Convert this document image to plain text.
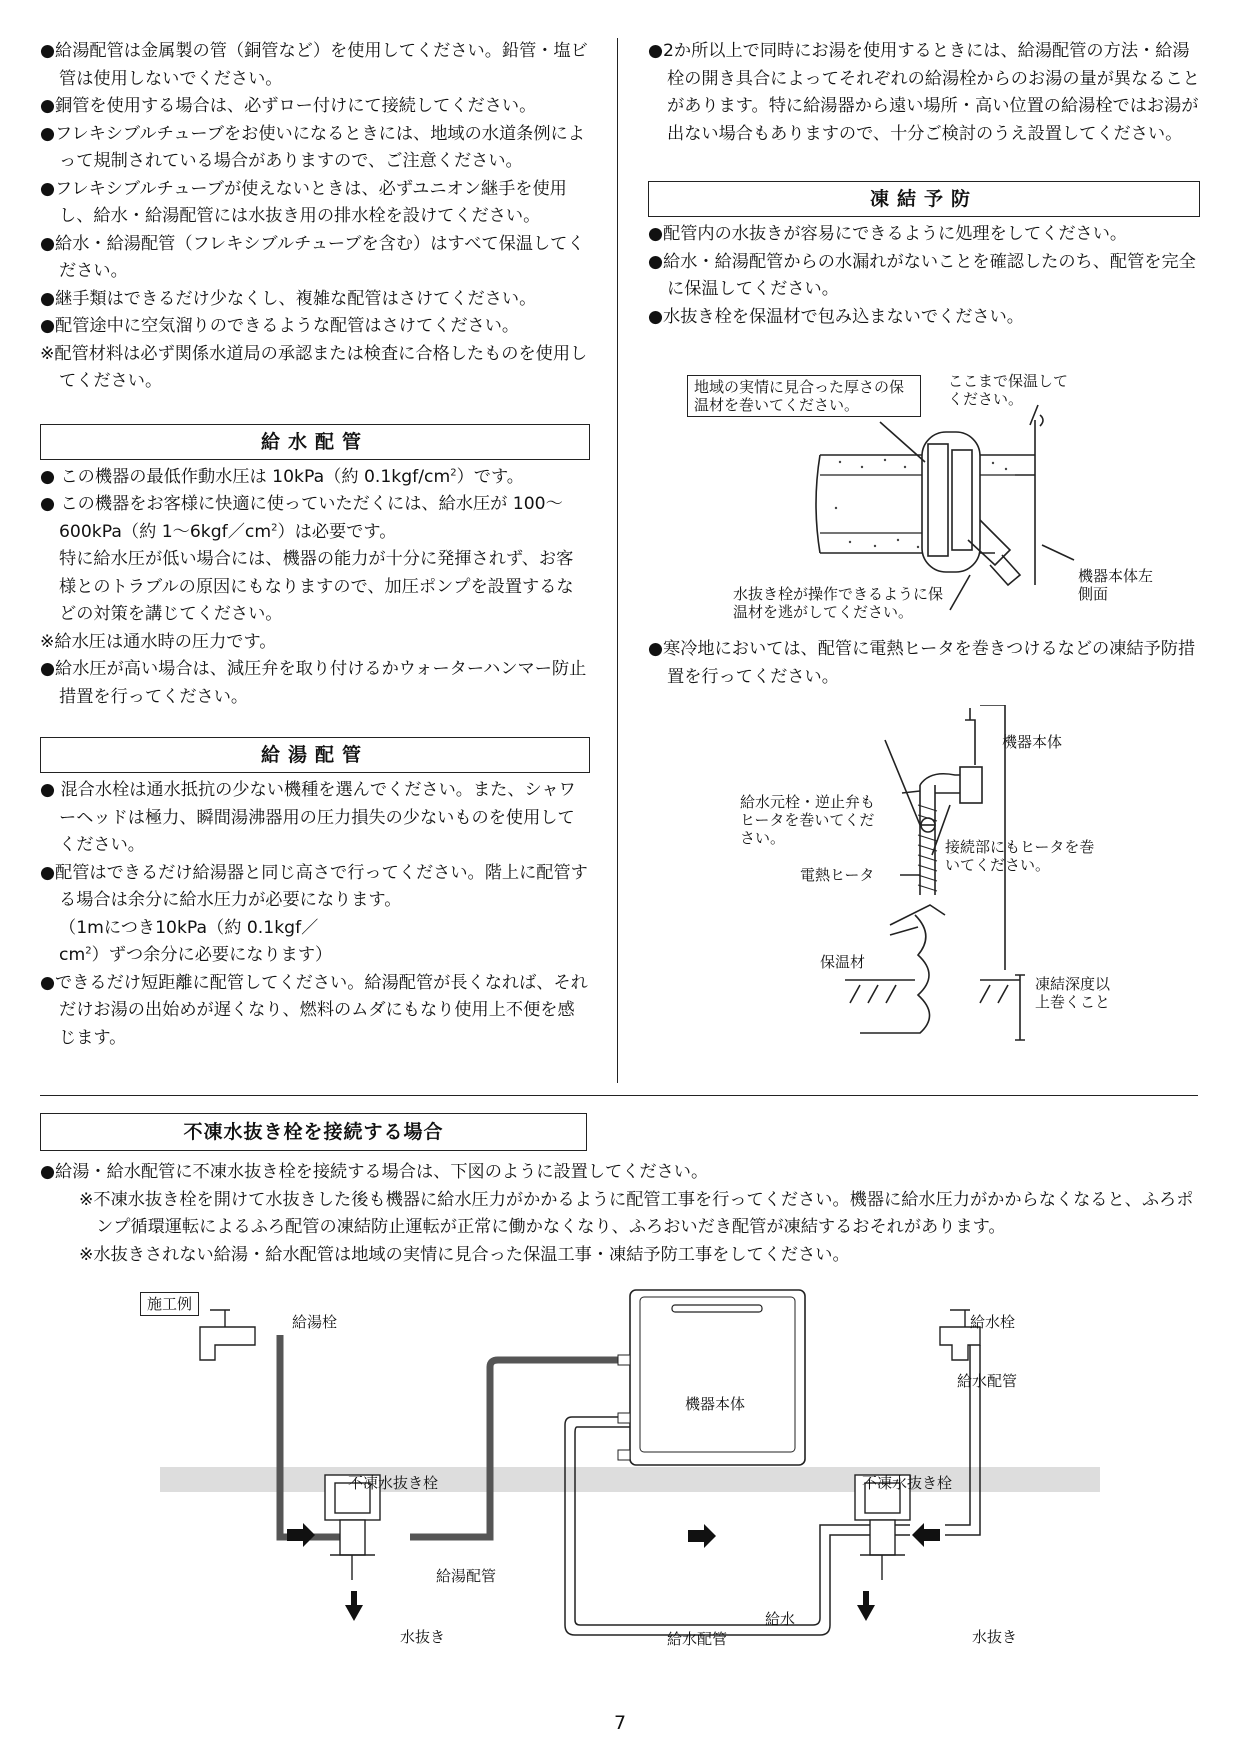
●給湯配管は金属製の管（銅管など）を使用してください。鉛管・塩ビ管は使用しないでください。

●銅管を使用する場合は、必ずロー付けにて接続してください。

●フレキシブルチューブをお使いになるときには、地域の水道条例によって規制されている場合がありますので、ご注意ください。

●フレキシブルチューブが使えないときは、必ずユニオン継手を使用し、給水・給湯配管には水抜き用の排水栓を設けてください。

●給水・給湯配管（フレキシブルチューブを含む）はすべて保温してください。

●継手類はできるだけ少なくし、複雑な配管はさけてください。

●配管途中に空気溜りのできるような配管はさけてください。

※配管材料は必ず関係水道局の承認または検査に合格したものを使用してください。

給水配管

● この機器の最低作動水圧は 10kPa（約 $0.1kgf/cm^2$）です。

● この機器をお客様に快適に使っていただくには、給水圧が 100〜600kPa（約 1〜$6kgf/cm^2$）は必要です。

特に給水圧が低い場合には、機器の能力が十分に発揮されず、お客様とのトラブルの原因にもなりますので、加圧ポンプを設置するなどの対策を講じてください。

※給水圧は通水時の圧力です。

●給水圧が高い場合は、減圧弁を取り付けるかウォーターハンマー防止措置を行ってください。

給湯配管

● 混合水栓は通水抵抗の少ない機種を選んでください。また、シャワーヘッドは極力、瞬間湯沸器用の圧力損失の少ないものを使用してください。

●配管はできるだけ給湯器と同じ高さで行ってください。階上に配管する場合は余分に給水圧力が必要になります。

（1mにつき10kPa（約 $0.1kgf/cm^2$）ずつ余分に必要になります）

●できるだけ短距離に配管してください。給湯配管が長くなれば、それだけお湯の出始めが遅くなり、燃料のムダにもなり使用上不便を感じます。

●2か所以上で同時にお湯を使用するときには、給湯配管の方法・給湯栓の開き具合によってそれぞれの給湯栓からのお湯の量が異なることがあります。特に給湯器から遠い場所・高い位置の給湯栓ではお湯が出ない場合もありますので、十分ご検討のうえ設置してください。

凍結予防

●配管内の水抜きが容易にできるように処理をしてください。

●給水・給湯配管からの水漏れがないことを確認したのち、配管を完全に保温してください。

●水抜き栓を保温材で包み込まないでください。

地域の実情に見合った厚さの保温材を巻いてください。
ここまで保温してください。
水抜き栓が操作できるように保温材を逃がしてください。
機器本体左側面

●寒冷地においては、配管に電熱ヒータを巻きつけるなどの凍結予防措置を行ってください。

機器本体
給水元栓・逆止弁もヒータを巻いてください。	接続部にもヒータを巻いてください。
電熱ヒータ
保温材
凍結深度以上巻くこと
不凍水抜き栓を接続する場合

●給湯・給水配管に不凍水抜き栓を接続する場合は、下図のように設置してください。

※不凍水抜き栓を開けて水抜きした後も機器に給水圧力がかかるように配管工事を行ってください。機器に給水圧力がかからなくなると、ふろポンプ循環運転によるふろ配管の凍結防止運転が正常に働かなくなり、ふろおいだき配管が凍結するおそれがあります。

※水抜きされない給湯・給水配管は地域の実情に見合った保温工事・凍結予防工事をしてください。

施工例
給湯栓	給水栓
給水配管
機器本体
不凍水抜き栓	不凍水抜き栓
給湯配管
給水
給水配管
水抜き	水抜き
7
